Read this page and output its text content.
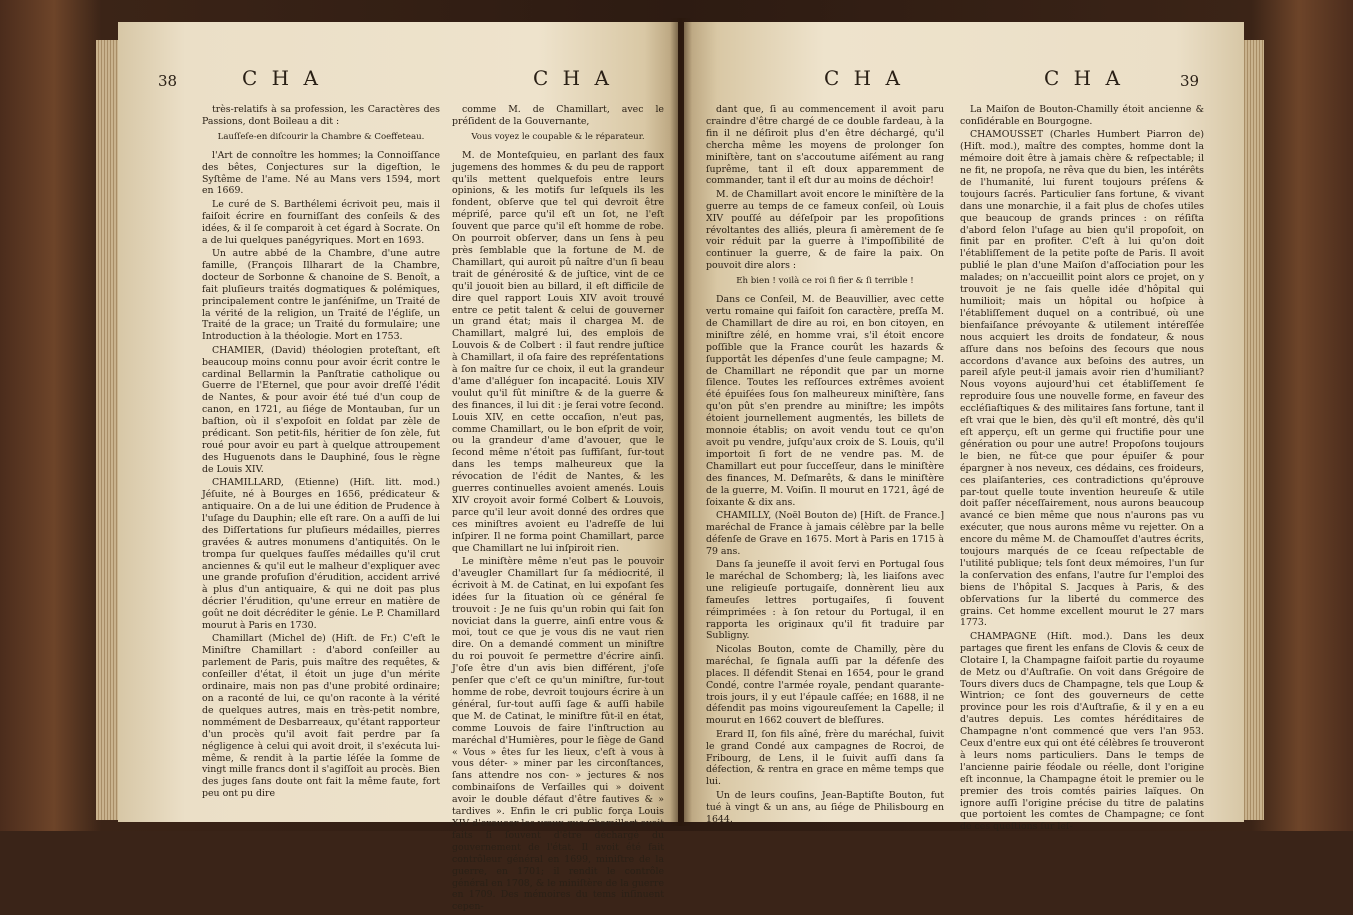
38	C H A	C H A

très-relatifs à sa profession, les Caractères des Passions, dont Boileau a dit :

Lauſſeſe-en diſcourir la Chambre & Coeffeteau.

l'Art de connoître les hommes; la Connoiſſance des bêtes, Conjectures sur la digeſtion, le Syſtême de l'ame. Né au Mans vers 1594, mort en 1669.

Le curé de S. Barthélemi écrivoit peu, mais il faiſoit écrire en fourniſſant des conſeils & des idées, & il ſe comparoit à cet égard à Socrate. On a de lui quelques panégyriques. Mort en 1693.

Un autre abbé de la Chambre, d'une autre famille, (François Illharart de la Chambre, docteur de Sorbonne & chanoine de S. Benoît, a fait pluſieurs traités dogmatiques & polémiques, principalement contre le janſéniſme, un Traité de la vérité de la religion, un Traité de l'égliſe, un Traité de la grace; un Traité du formulaire; une Introduction à la théologie. Mort en 1753.

CHAMIER, (David) théologien proteſtant, eſt beaucoup moins connu pour avoir écrit contre le cardinal Bellarmin la Panſtratie catholique ou Guerre de l'Eternel, que pour avoir dreſſé l'édit de Nantes, & pour avoir été tué d'un coup de canon, en 1721, au ſiége de Montauban, ſur un baſtion, où il s'expoſoit en ſoldat par zèle de prédicant. Son petit-fils, héritier de ſon zèle, fut roué pour avoir eu part à quelque attroupement des Huguenots dans le Dauphiné, ſous le règne de Louis XIV.

CHAMILLARD, (Etienne) (Hiſt. litt. mod.) Jéſuite, né à Bourges en 1656, prédicateur & antiquaire. On a de lui une édition de Prudence à l'uſage du Dauphin; elle eſt rare. On a auſſi de lui des Diſſertations ſur pluſieurs médailles, pierres gravées & autres monumens d'antiquités. On le trompa ſur quelques fauſſes médailles qu'il crut anciennes & qu'il eut le malheur d'expliquer avec une grande profuſion d'érudition, accident arrivé à plus d'un antiquaire, & qui ne doit pas plus décrier l'érudition, qu'une erreur en matière de goût ne doit décréditer le génie. Le P. Chamillard mourut à Paris en 1730.

Chamillart (Michel de) (Hiſt. de Fr.) C'eſt le Miniſtre Chamillart : d'abord conſeiller au parlement de Paris, puis maître des requêtes, & conſeiller d'état, il étoit un juge d'un mérite ordinaire, mais non pas d'une probité ordinaire; on a raconté de lui, ce qu'on raconte à la vérité de quelques autres, mais en très-petit nombre, nommément de Desbarreaux, qu'étant rapporteur d'un procès qu'il avoit fait perdre par ſa négligence à celui qui avoit droit, il s'exécuta lui-même, & rendit à la partie léſée la ſomme de vingt mille francs dont il s'agiſſoit au procès. Bien des juges ſans doute ont fait la même faute, fort peu ont pu dire

comme M. de Chamillart, avec le préſident de la Gouvernante,

Vous voyez le coupable & le réparateur.

M. de Monteſquieu, en parlant des faux jugemens des hommes & du peu de rapport qu'ils mettent quelquefois entre leurs opinions, & les motifs ſur leſquels ils les fondent, obſerve que tel qui devroit être mépriſé, parce qu'il eſt un ſot, ne l'eſt ſouvent que parce qu'il eſt homme de robe. On pourroit obſerver, dans un ſens à peu près ſemblable que la fortune de M. de Chamillart, qui auroit pû naître d'un ſi beau trait de générosité & de juſtice, vint de ce qu'il jouoit bien au billard, il eſt difficile de dire quel rapport Louis XIV avoit trouvé entre ce petit talent & celui de gouverner un grand état; mais il chargea M. de Chamillart, malgré lui, des emplois de Louvois & de Colbert : il faut rendre juſtice à Chamillart, il oſa faire des repréſentations à ſon maître ſur ce choix, il eut la grandeur d'ame d'alléguer ſon incapacité. Louis XIV voulut qu'il fût miniſtre & de la guerre & des finances, il lui dit : je ſerai votre ſecond. Louis XIV, en cette occaſion, n'eut pas, comme Chamillart, ou le bon eſprit de voir, ou la grandeur d'ame d'avouer, que le ſecond même n'étoit pas ſuffiſant, ſur-tout dans les temps malheureux que la révocation de l'édit de Nantes, & les guerres continuelles avoient amenés. Louis XIV croyoit avoir formé Colbert & Louvois, parce qu'il leur avoit donné des ordres que ces miniſtres avoient eu l'adreſſe de lui inſpirer. Il ne forma point Chamillart, parce que Chamillart ne lui inſpiroit rien.

Le miniſtère même n'eut pas le pouvoir d'aveugler Chamillart ſur ſa médiocrité, il écrivoit à M. de Catinat, en lui expoſant ſes idées ſur la ſituation où ce général ſe trouvoit : Je ne ſuis qu'un robin qui ſait ſon noviciat dans la guerre, ainſi entre vous & moi, tout ce que je vous dis ne vaut rien dire. On a demandé comment un miniſtre du roi pouvoit ſe permettre d'écrire ainſi. J'oſe être d'un avis bien différent, j'oſe penſer que c'eſt ce qu'un miniſtre, ſur-tout homme de robe, devroit toujours écrire à un général, ſur-tout auſſi ſage & auſſi habile que M. de Catinat, le miniſtre fût-il en état, comme Louvois de faire l'inſtruction au maréchal d'Humières, pour le ſiège de Gand « Vous » êtes ſur les lieux, c'eſt à vous à vous déter- » miner par les circonſtances, ſans attendre nos con- » jectures & nos combinaiſons de Verſailles qui » doivent avoir le double défaut d'être fautives & » tardives ». Enfin le cri public força Louis XIV d'exaucer les vœux que Chamillart avoit faits ſi ſouvent d'être déchargé du gouvernement de l'état. Il avoit été fait contrôleur général en 1699, miniſtre de la guerre, en 1701; il rendit le contrôle général en 1708, & le miniſtère de la guerre en 1709. Des mémoires du tems inſinuent cepen-

C H A	C H A	39

dant que, ſi au commencement il avoit paru craindre d'être chargé de ce double fardeau, à la fin il ne déſiroit plus d'en être déchargé, qu'il chercha même les moyens de prolonger ſon miniſtère, tant on s'accoutume aiſément au rang ſuprême, tant il eſt doux apparemment de commander, tant il eſt dur au moins de déchoir!

M. de Chamillart avoit encore le miniſtère de la guerre au temps de ce fameux conſeil, où Louis XIV pouſſé au déſeſpoir par les propoſitions révoltantes des alliés, pleura ſi amèrement de ſe voir réduit par la guerre à l'impoſſibilité de continuer la guerre, & de faire la paix. On pouvoit dire alors :

Eh bien ! voilà ce roi ſi fier & ſi terrible !

Dans ce Conſeil, M. de Beauvillier, avec cette vertu romaine qui faiſoit ſon caractère, preſſa M. de Chamillart de dire au roi, en bon citoyen, en miniſtre zélé, en homme vrai, s'il étoit encore poſſible que la France courût les hazards & ſupportât les dépenſes d'une ſeule campagne; M. de Chamillart ne répondit que par un morne ſilence. Toutes les reſſources extrêmes avoient été épuiſées ſous ſon malheureux miniſtère, ſans qu'on pût s'en prendre au miniſtre; les impôts étoient journellement augmentés, les billets de monnoie établis; on avoit vendu tout ce qu'on avoit pu vendre, juſqu'aux croix de S. Louis, qu'il importoit ſi fort de ne vendre pas. M. de Chamillart eut pour ſucceſſeur, dans le miniſtère des finances, M. Deſmarêts, & dans le miniſtère de la guerre, M. Voiſin. Il mourut en 1721, âgé de ſoixante & dix ans.

CHAMILLY, (Noël Bouton de) [Hiſt. de France.] maréchal de France à jamais célèbre par la belle défenſe de Grave en 1675. Mort à Paris en 1715 à 79 ans.

Dans ſa jeuneſſe il avoit ſervi en Portugal ſous le maréchal de Schomberg; là, les liaiſons avec une religieuſe portugaiſe, donnèrent lieu aux fameuſes lettres portugaiſes, ſi ſouvent réimprimées : à ſon retour du Portugal, il en rapporta les originaux qu'il fit traduire par Subligny.

Nicolas Bouton, comte de Chamilly, père du maréchal, ſe ſignala auſſi par la défenſe des places. Il défendit Stenai en 1654, pour le grand Condé, contre l'armée royale, pendant quarante-trois jours, il y eut l'épaule caſſée; en 1688, il ne défendit pas moins vigoureuſement la Capelle; il mourut en 1662 couvert de bleſſures.

Erard II, ſon fils aîné, frère du maréchal, ſuivit le grand Condé aux campagnes de Rocroi, de Fribourg, de Lens, il le ſuivit auſſi dans ſa défection, & rentra en grace en même temps que lui.

Un de leurs couſins, Jean-Baptiſte Bouton, fut tué à vingt & un ans, au ſiége de Philisbourg en 1644.

La Maiſon de Bouton-Chamilly étoit ancienne & conſidérable en Bourgogne.

CHAMOUSSET (Charles Humbert Piarron de) (Hiſt. mod.), maître des comptes, homme dont la mémoire doit être à jamais chère & reſpectable; il ne fit, ne propoſa, ne rêva que du bien, les intérêts de l'humanité, lui furent toujours préſens & toujours ſacrés. Particulier ſans fortune, & vivant dans une monarchie, il a fait plus de choſes utiles que beaucoup de grands princes : on réſiſta d'abord ſelon l'uſage au bien qu'il propoſoit, on finit par en profiter. C'eſt à lui qu'on doit l'établiſſement de la petite poſte de Paris. Il avoit publié le plan d'une Maiſon d'aſſociation pour les malades; on n'accueillit point alors ce projet, on y trouvoit je ne ſais quelle idée d'hôpital qui humilioit; mais un hôpital ou hoſpice à l'établiſſement duquel on a contribué, où une bienfaiſance prévoyante & utilement intéreſſée nous acquiert les droits de fondateur, & nous aſſure dans nos beſoins des ſecours que nous accordons d'avance aux beſoins des autres, un pareil aſyle peut-il jamais avoir rien d'humiliant? Nous voyons aujourd'hui cet établiſſement ſe reproduire ſous une nouvelle forme, en faveur des eccléſiaſtiques & des militaires ſans fortune, tant il eſt vrai que le bien, dès qu'il eſt montré, dès qu'il eſt apperçu, eſt un germe qui fructifie pour une génération ou pour une autre! Propoſons toujours le bien, ne fût-ce que pour épuiſer & pour épargner à nos neveux, ces dédains, ces froideurs, ces plaiſanteries, ces contradictions qu'éprouve par-tout quelle toute invention heureuſe & utile doit paſſer néceſſairement, nous aurons beaucoup avancé ce bien même que nous n'aurons pas vu exécuter, que nous aurons même vu rejetter. On a encore du même M. de Chamouſſet d'autres écrits, toujours marqués de ce ſceau reſpectable de l'utilité publique; tels ſont deux mémoires, l'un ſur la conſervation des enfans, l'autre ſur l'emploi des biens de l'hôpital S. Jacques à Paris, & des obſervations ſur la liberté du commerce des grains. Cet homme excellent mourut le 27 mars 1773.

CHAMPAGNE (Hiſt. mod.). Dans les deux partages que firent les enfans de Clovis & ceux de Clotaire I, la Champagne faiſoit partie du royaume de Metz ou d'Auſtraſie. On voit dans Grégoire de Tours divers ducs de Champagne, tels que Loup & Wintrion; ce ſont des gouverneurs de cette province pour les rois d'Auſtraſie, & il y en a eu d'autres depuis. Les comtes héréditaires de Champagne n'ont commencé que vers l'an 953. Ceux d'entre eux qui ont été célèbres ſe trouveront à leurs noms particuliers. Dans le temps de l'ancienne pairie féodale ou réelle, dont l'origine eſt inconnue, la Champagne étoit le premier ou le premier des trois comtés pairies laïques. On ignore auſſi l'origine précise du titre de palatins que portoient les comtes de Champagne; ce ſont de ces queſtions ſur leſ-
